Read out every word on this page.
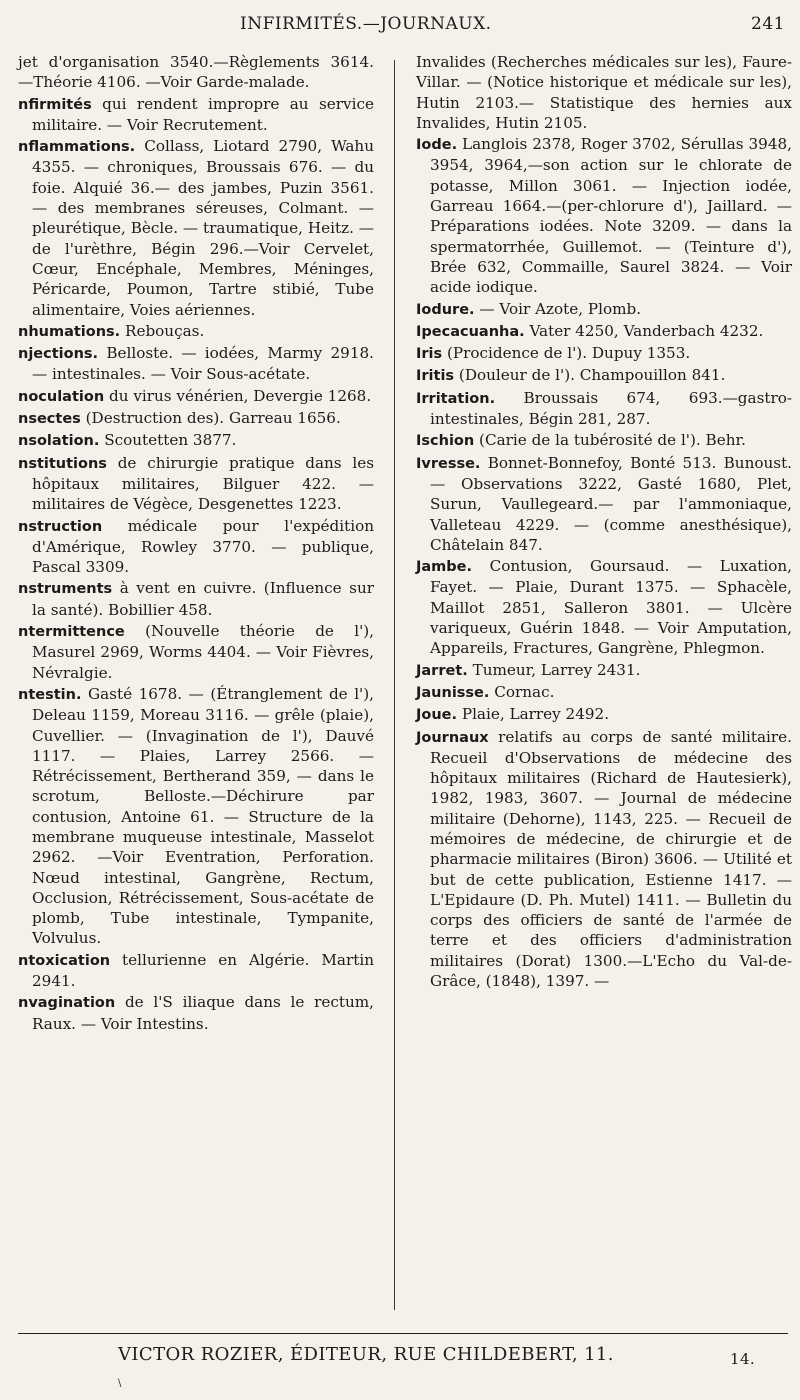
INFIRMITÉS.—JOURNAUX.	241
jet d'organisation 3540.—Règlements 3614. —Théorie 4106. —Voir Garde-malade.
nfirmités qui rendent impropre au service militaire. — Voir Recrutement.
nflammations. Collass, Liotard 2790, Wahu 4355. — chroniques, Broussais 676. — du foie. Alquié 36.— des jambes, Puzin 3561. — des membranes séreuses, Colmant. — pleurétique, Bècle. — traumatique, Heitz. — de l'urèthre, Bégin 296.—Voir Cervelet, Cœur, Encéphale, Membres, Méninges, Péricarde, Poumon, Tartre stibié, Tube alimentaire, Voies aériennes.
nhumations. Rebouças.
njections. Belloste. — iodées, Marmy 2918. — intestinales. — Voir Sous-acétate.
noculation du virus vénérien, Devergie 1268.
nsectes (Destruction des). Garreau 1656.
nsolation. Scoutetten 3877.
nstitutions de chirurgie pratique dans les hôpitaux militaires, Bilguer 422. — militaires de Végèce, Desgenettes 1223.
nstruction médicale pour l'expédition d'Amérique, Rowley 3770. — publique, Pascal 3309.
nstruments à vent en cuivre. (Influence sur la santé). Bobillier 458.
ntermittence (Nouvelle théorie de l'), Masurel 2969, Worms 4404. — Voir Fièvres, Névralgie.
ntestin. Gasté 1678. — (Étranglement de l'), Deleau 1159, Moreau 3116. — grêle (plaie), Cuvellier. — (Invagination de l'), Dauvé 1117. — Plaies, Larrey 2566. — Rétrécissement, Bertherand 359, — dans le scrotum, Belloste.—Déchirure par contusion, Antoine 61. — Structure de la membrane muqueuse intestinale, Masselot 2962. —Voir Eventration, Perforation. Nœud intestinal, Gangrène, Rectum, Occlusion, Rétrécissement, Sous-acétate de plomb, Tube intestinale, Tympanite, Volvulus.
ntoxication tellurienne en Algérie. Martin 2941.
nvagination de l'S iliaque dans le rectum, Raux. — Voir Intestins.
Invalides (Recherches médicales sur les), Faure-Villar. — (Notice historique et médicale sur les), Hutin 2103.— Statistique des hernies aux Invalides, Hutin 2105.
Iode. Langlois 2378, Roger 3702, Sérullas 3948, 3954, 3964,—son action sur le chlorate de potasse, Millon 3061. — Injection iodée, Garreau 1664.—(per-chlorure d'), Jaillard. — Préparations iodées. Note 3209. — dans la spermatorrhée, Guillemot. — (Teinture d'), Brée 632, Commaille, Saurel 3824. — Voir acide iodique.
Iodure. — Voir Azote, Plomb.
Ipecacuanha. Vater 4250, Vanderbach 4232.
Iris (Procidence de l'). Dupuy 1353.
Iritis (Douleur de l'). Champouillon 841.
Irritation. Broussais 674, 693.—gastro-intestinales, Bégin 281, 287.
Ischion (Carie de la tubérosité de l'). Behr.
Ivresse. Bonnet-Bonnefoy, Bonté 513. Bunoust. — Observations 3222, Gasté 1680, Plet, Surun, Vaullegeard.— par l'ammoniaque, Valleteau 4229. — (comme anesthésique), Châtelain 847.
Jambe. Contusion, Goursaud. — Luxation, Fayet. — Plaie, Durant 1375. — Sphacèle, Maillot 2851, Salleron 3801. — Ulcère variqueux, Guérin 1848. — Voir Amputation, Appareils, Fractures, Gangrène, Phlegmon.
Jarret. Tumeur, Larrey 2431.
Jaunisse. Cornac.
Joue. Plaie, Larrey 2492.
Journaux relatifs au corps de santé militaire. Recueil d'Observations de médecine des hôpitaux militaires (Richard de Hautesierk), 1982, 1983, 3607. — Journal de médecine militaire (Dehorne), 1143, 225. — Recueil de mémoires de médecine, de chirurgie et de pharmacie militaires (Biron) 3606. — Utilité et but de cette publication, Estienne 1417. — L'Epidaure (D. Ph. Mutel) 1411. — Bulletin du corps des officiers de santé de l'armée de terre et des officiers d'administration militaires (Dorat) 1300.—L'Echo du Val-de-Grâce, (1848), 1397. —
VICTOR ROZIER, ÉDITEUR, RUE CHILDEBERT, 11.	14.
\
